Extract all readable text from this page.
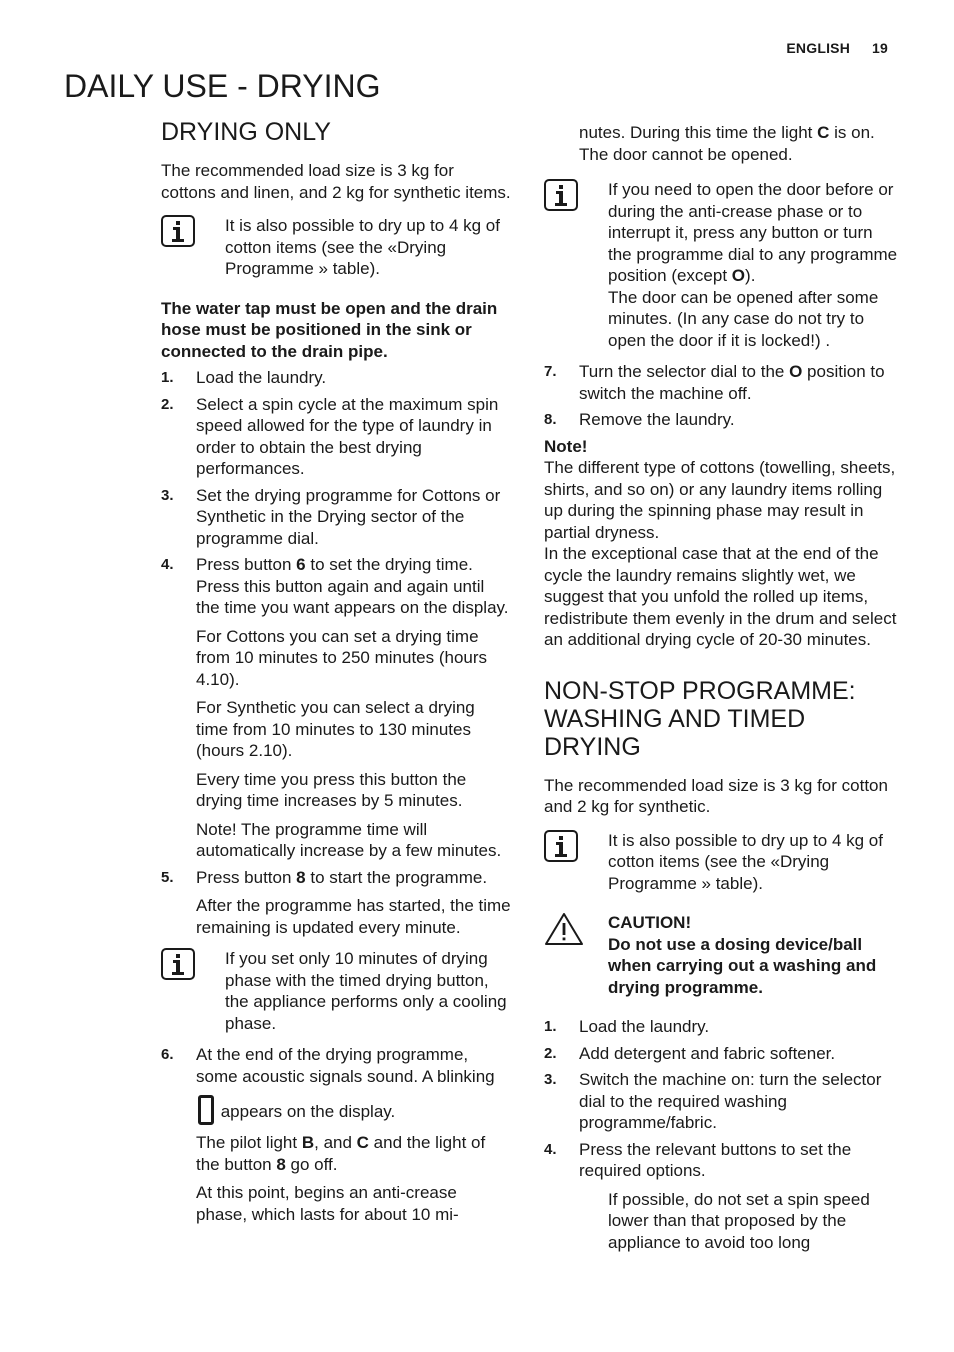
ENGLISH 19
DAILY USE - DRYING
DRYING ONLY

The recommended load size is 3 kg for cottons and linen, and 2 kg for synthetic items.

It is also possible to dry up to 4 kg of cotton items (see the «Drying Programme » table).

The water tap must be open and the drain hose must be positioned in the sink or connected to the drain pipe.

1. Load the laundry.
2. Select a spin cycle at the maximum spin speed allowed for the type of laundry in order to obtain the best drying performances.
3. Set the drying programme for Cottons or Synthetic in the Drying sector of the programme dial.
4. Press button 6 to set the drying time. Press this button again and again until the time you want appears on the display.

For Cottons you can set a drying time from 10 minutes to 250 minutes (hours 4.10).

For Synthetic you can select a drying time from 10 minutes to 130 minutes (hours 2.10).

Every time you press this button the drying time increases by 5 minutes.

Note! The programme time will automatically increase by a few minutes.

5. Press button 8 to start the programme.

After the programme has started, the time remaining is updated every minute.

If you set only 10 minutes of drying phase with the timed drying button, the appliance performs only a cooling phase.

6. At the end of the drying programme, some acoustic signals sound. A blinking

appears on the display.

The pilot light B, and C and the light of the button 8 go off.

At this point, begins an anti-crease phase, which lasts for about 10 mi-

nutes. During this time the light C is on. The door cannot be opened.

If you need to open the door before or during the anti-crease phase or to interrupt it, press any button or turn the programme dial to any programme position (except O).

The door can be opened after some minutes. (In any case do not try to open the door if it is locked!) .

7. Turn the selector dial to the O position to switch the machine off.
8. Remove the laundry.

Note!

The different type of cottons (towelling, sheets, shirts, and so on) or any laundry items rolling up during the spinning phase may result in partial dryness.

In the exceptional case that at the end of the cycle the laundry remains slightly wet, we suggest that you unfold the rolled up items, redistribute them evenly in the drum and select an additional drying cycle of 20-30 minutes.

NON-STOP PROGRAMME: WASHING AND TIMED DRYING

The recommended load size is 3 kg for cotton and 2 kg for synthetic.

It is also possible to dry up to 4 kg of cotton items (see the «Drying Programme » table).

CAUTION!

Do not use a dosing device/ball when carrying out a washing and drying programme.

1. Load the laundry.
2. Add detergent and fabric softener.
3. Switch the machine on: turn the selector dial to the required washing programme/fabric.
4. Press the relevant buttons to set the required options.

If possible, do not set a spin speed lower than that proposed by the appliance to avoid too long
